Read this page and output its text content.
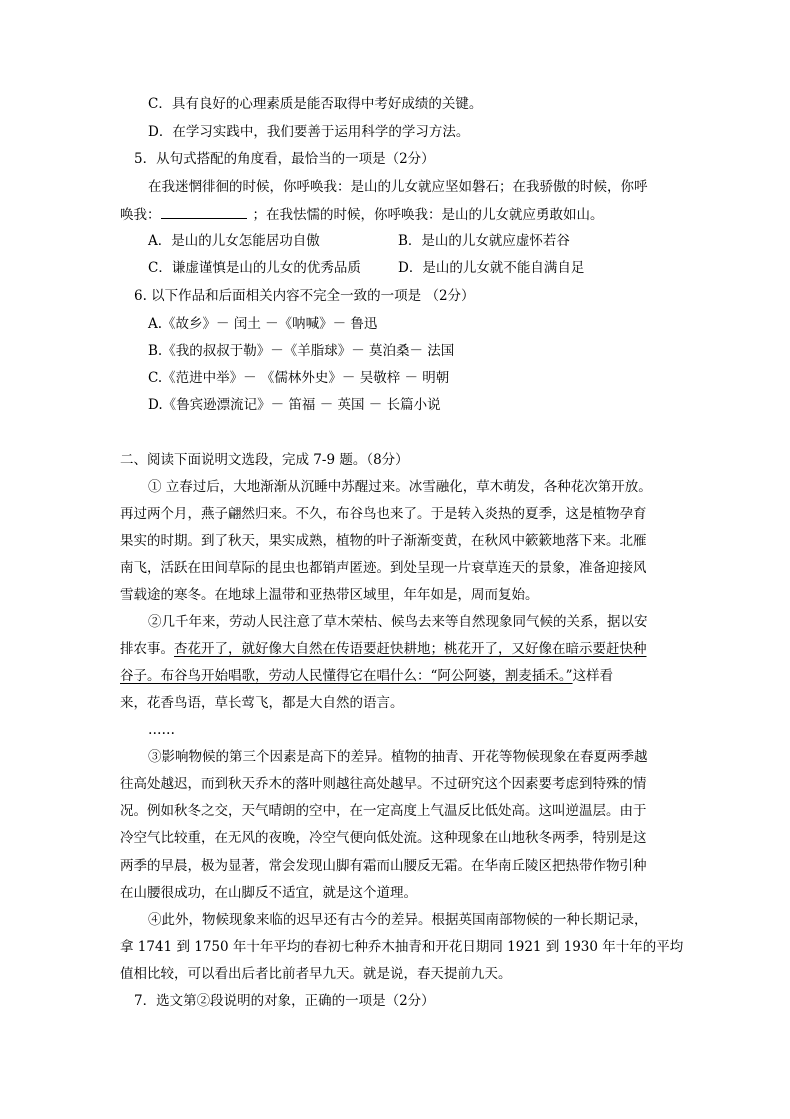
C．具有良好的心理素质是能否取得中考好成绩的关键。
D．在学习实践中，我们要善于运用科学的学习方法。
5．从句式搭配的角度看，最恰当的一项是（2分）
在我迷惘徘徊的时候，你呼唤我：是山的儿女就应坚如磐石；在我骄傲的时候，你呼
唤我：	；在我怯懦的时候，你呼唤我：是山的儿女就应勇敢如山。
A．是山的儿女怎能居功自傲	B．是山的儿女就应虚怀若谷
C．谦虚谨慎是山的儿女的优秀品质	D．是山的儿女就不能自满自足
6. 以下作品和后面相关内容不完全一致的一项是 （2分）
A.《故乡》－ 闰土 －《呐喊》－ 鲁迅
B.《我的叔叔于勒》－《羊脂球》－ 莫泊桑－ 法国
C.《范进中举》－ 《儒林外史》－ 吴敬梓 － 明朝
D.《鲁宾逊漂流记》－ 笛福 － 英国 － 长篇小说
二、阅读下面说明文选段，完成 7-9 题。（8分）
① 立春过后，大地渐渐从沉睡中苏醒过来。冰雪融化，草木萌发，各种花次第开放。
再过两个月，燕子翩然归来。不久，布谷鸟也来了。于是转入炎热的夏季，这是植物孕育
果实的时期。到了秋天，果实成熟，植物的叶子渐渐变黄，在秋风中簌簌地落下来。北雁
南飞，活跃在田间草际的昆虫也都销声匿迹。到处呈现一片衰草连天的景象，准备迎接风
雪载途的寒冬。在地球上温带和亚热带区域里，年年如是，周而复始。
②几千年来，劳动人民注意了草木荣枯、候鸟去来等自然现象同气候的关系，据以安
排农事。杏花开了，就好像大自然在传语要赶快耕地；桃花开了，又好像在暗示要赶快种
谷子。布谷鸟开始唱歌，劳动人民懂得它在唱什么：“阿公阿婆，割麦插禾。”这样看
来，花香鸟语，草长莺飞，都是大自然的语言。
……
③影响物候的第三个因素是高下的差异。植物的抽青、开花等物候现象在春夏两季越
往高处越迟，而到秋天乔木的落叶则越往高处越早。不过研究这个因素要考虑到特殊的情
况。例如秋冬之交，天气晴朗的空中，在一定高度上气温反比低处高。这叫逆温层。由于
冷空气比较重，在无风的夜晚，冷空气便向低处流。这种现象在山地秋冬两季，特别是这
两季的早晨，极为显著，常会发现山脚有霜而山腰反无霜。在华南丘陵区把热带作物引种
在山腰很成功，在山脚反不适宜，就是这个道理。
④此外，物候现象来临的迟早还有古今的差异。根据英国南部物候的一种长期记录，
拿 1741 到 1750 年十年平均的春初七种乔木抽青和开花日期同 1921 到 1930 年十年的平均
值相比较，可以看出后者比前者早九天。就是说，春天提前九天。
7．选文第②段说明的对象，正确的一项是（2分）
